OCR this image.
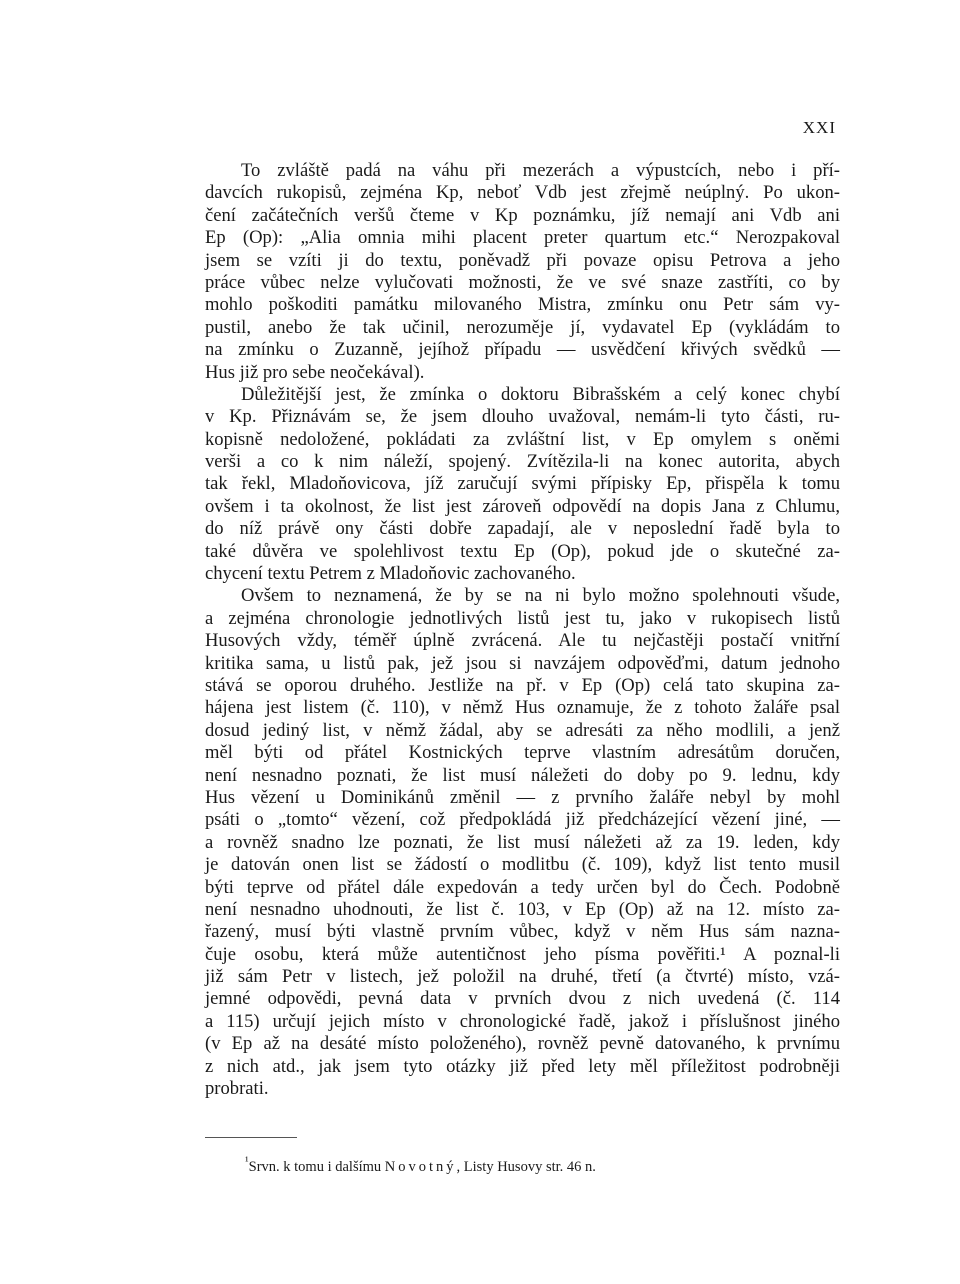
XXI
To zvláště padá na váhu při mezerách a výpustcích, nebo i pří-
davcích rukopisů, zejména Kp, neboť Vdb jest zřejmě neúplný. Po ukon-
čení začátečních veršů čteme v Kp poznámku, jíž nemají ani Vdb ani
Ep (Op): „Alia omnia mihi placent preter quartum etc.“ Nerozpakoval
jsem se vzíti ji do textu, poněvadž při povaze opisu Petrova a jeho
práce vůbec nelze vylučovati možnosti, že ve své snaze zastříti, co by
mohlo poškoditi památku milovaného Mistra, zmínku onu Petr sám vy-
pustil, anebo že tak učinil, nerozuměje jí, vydavatel Ep (vykládám to
na zmínku o Zuzanně, jejíhož případu — usvědčení křivých svědků —
Hus již pro sebe neočekával).
Důležitější jest, že zmínka o doktoru Bibrašském a celý konec chybí
v Kp. Přiznávám se, že jsem dlouho uvažoval, nemám-li tyto části, ru-
kopisně nedoložené, pokládati za zvláštní list, v Ep omylem s oněmi
verši a co k nim náleží, spojený. Zvítězila-li na konec autorita, abych
tak řekl, Mladoňovicova, jíž zaručují svými přípisky Ep, přispěla k tomu
ovšem i ta okolnost, že list jest zároveň odpovědí na dopis Jana z Chlumu,
do níž právě ony části dobře zapadají, ale v neposlední řadě byla to
také důvěra ve spolehlivost textu Ep (Op), pokud jde o skutečné za-
chycení textu Petrem z Mladoňovic zachovaného.
Ovšem to neznamená, že by se na ni bylo možno spolehnouti všude,
a zejména chronologie jednotlivých listů jest tu, jako v rukopisech listů
Husových vždy, téměř úplně zvrácená. Ale tu nejčastěji postačí vnitřní
kritika sama, u listů pak, jež jsou si navzájem odpověďmi, datum jednoho
stává se oporou druhého. Jestliže na př. v Ep (Op) celá tato skupina za-
hájena jest listem (č. 110), v němž Hus oznamuje, že z tohoto žaláře psal
dosud jediný list, v němž žádal, aby se adresáti za něho modlili, a jenž
měl býti od přátel Kostnických teprve vlastním adresátům doručen,
není nesnadno poznati, že list musí náležeti do doby po 9. lednu, kdy
Hus vězení u Dominikánů změnil — z prvního žaláře nebyl by mohl
psáti o „tomto“ vězení, což předpokládá již předcházející vězení jiné, —
a rovněž snadno lze poznati, že list musí náležeti až za 19. leden, kdy
je datován onen list se žádostí o modlitbu (č. 109), když list tento musil
býti teprve od přátel dále expedován a tedy určen byl do Čech. Podobně
není nesnadno uhodnouti, že list č. 103, v Ep (Op) až na 12. místo za-
řazený, musí býti vlastně prvním vůbec, když v něm Hus sám nazna-
čuje osobu, která může autentičnost jeho písma pověřiti.¹ A poznal-li
již sám Petr v listech, jež položil na druhé, třetí (a čtvrté) místo, vzá-
jemné odpovědi, pevná data v prvních dvou z nich uvedená (č. 114
a 115) určují jejich místo v chronologické řadě, jakož i příslušnost jiného
(v Ep až na desáté místo položeného), rovněž pevně datovaného, k prvnímu
z nich atd., jak jsem tyto otázky již před lety měl příležitost podrobněji
probrati.
$^{^1}$Srvn. k tomu i dalšímu Novotný, Listy Husovy str. 46 n.
